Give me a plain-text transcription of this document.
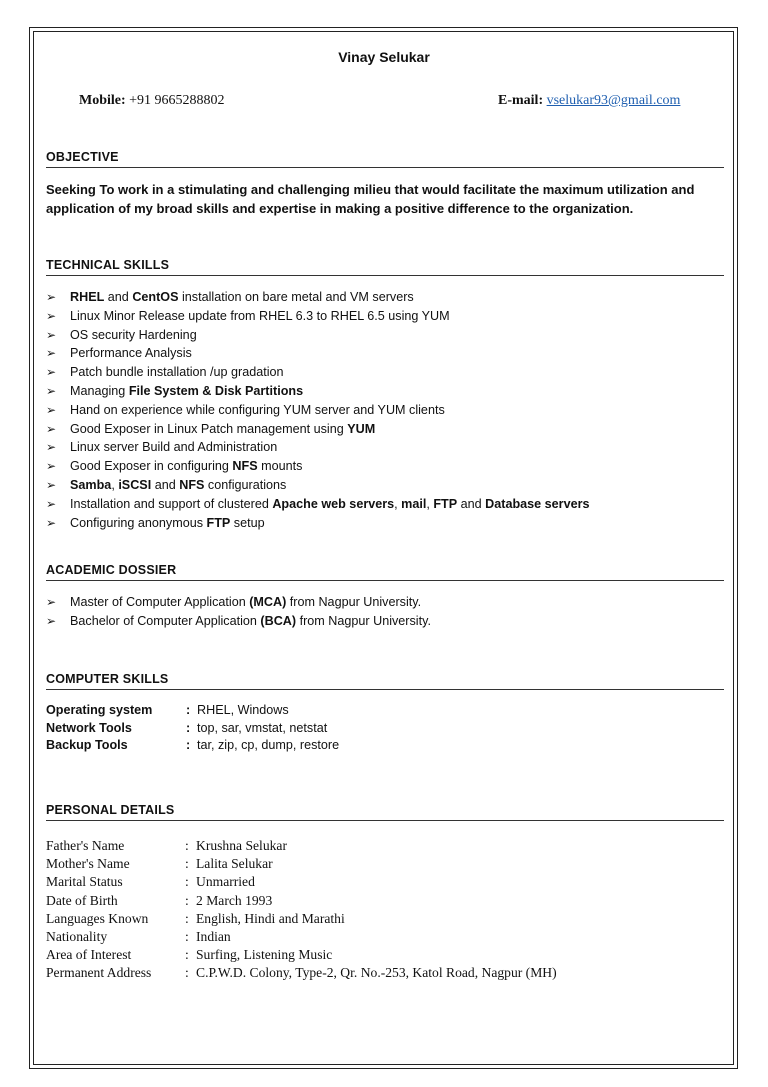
Vinay Selukar
Mobile: +91 9665288802	E-mail: vselukar93@gmail.com
OBJECTIVE
Seeking To work in a stimulating and challenging milieu that would facilitate the maximum utilization and application of my broad skills and expertise in making a positive difference to the organization.
TECHNICAL SKILLS
➢ RHEL and CentOS installation on bare metal and VM servers
➢ Linux Minor Release update from RHEL 6.3 to RHEL 6.5 using YUM
➢ OS security Hardening
➢ Performance Analysis
➢ Patch bundle installation /up gradation
➢ Managing File System & Disk Partitions
➢ Hand on experience while configuring YUM server and YUM clients
➢ Good Exposer in Linux Patch management using YUM
➢ Linux server Build and Administration
➢ Good Exposer in configuring NFS mounts
➢ Samba, iSCSI and NFS configurations
➢ Installation and support of clustered Apache web servers, mail, FTP and Database servers
➢ Configuring anonymous FTP setup
ACADEMIC DOSSIER
➢ Master of Computer Application (MCA) from Nagpur University.
➢ Bachelor of Computer Application (BCA) from Nagpur University.
COMPUTER SKILLS
Operating system	: RHEL, Windows
Network Tools	: top, sar, vmstat, netstat
Backup Tools	: tar, zip, cp, dump, restore
PERSONAL DETAILS
Father's Name	: Krushna Selukar
Mother's Name	: Lalita Selukar
Marital Status	: Unmarried
Date of Birth	: 2 March 1993
Languages Known	: English, Hindi and Marathi
Nationality	: Indian
Area of Interest	: Surfing, Listening Music
Permanent Address	: C.P.W.D. Colony, Type-2, Qr. No.-253, Katol Road, Nagpur (MH)
